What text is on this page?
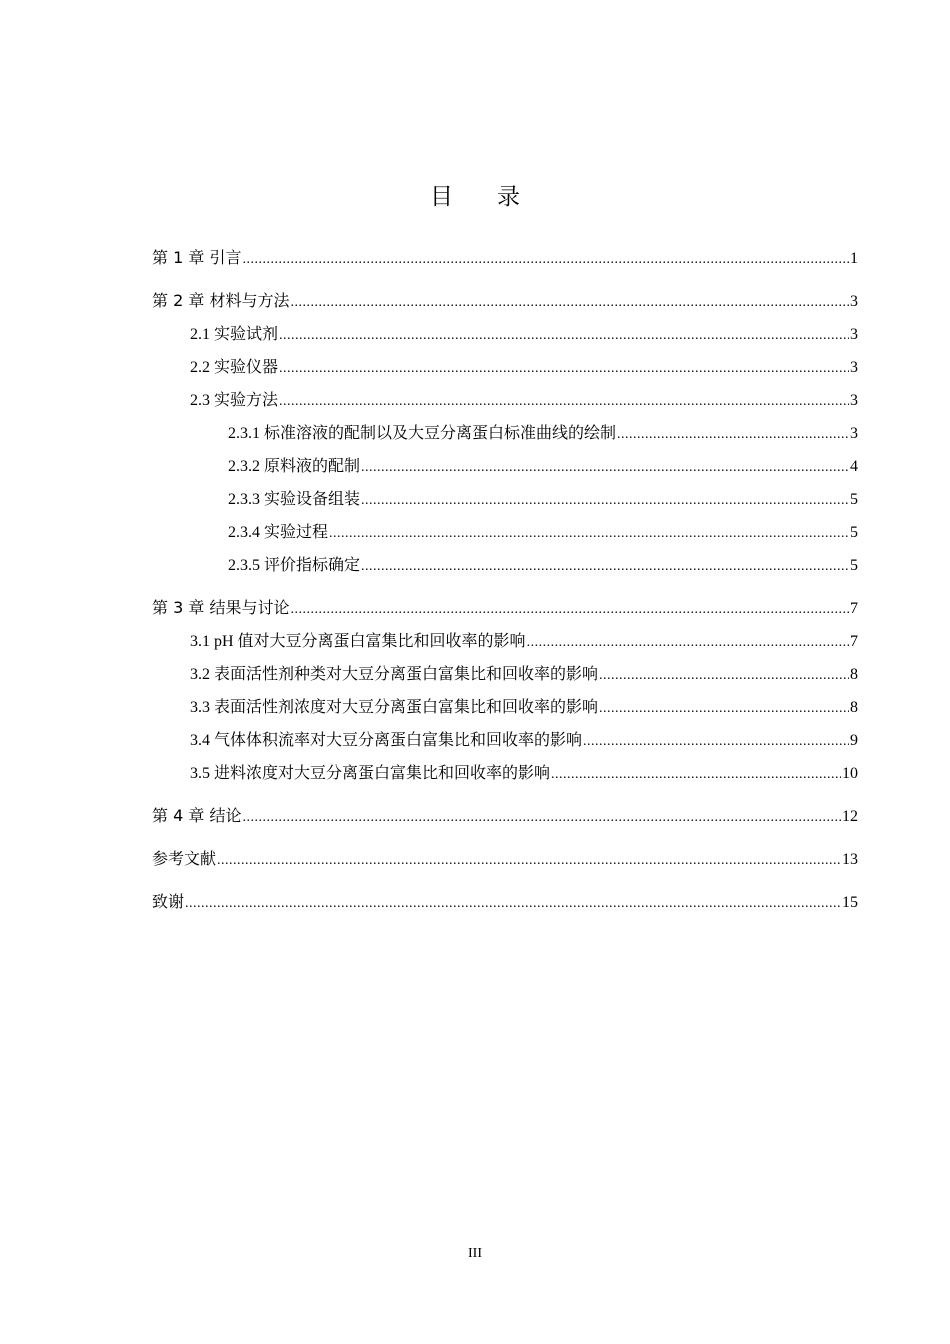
目 录
第 1 章 引言 .....	1
第 2 章 材料与方法 .....	3
2.1 实验试剂 .....	3
2.2 实验仪器 .....	3
2.3 实验方法 .....	3
2.3.1 标准溶液的配制以及大豆分离蛋白标准曲线的绘制 .....	3
2.3.2 原料液的配制 .....	4
2.3.3 实验设备组装 .....	5
2.3.4 实验过程 .....	5
2.3.5 评价指标确定 .....	5
第 3 章 结果与讨论 .....	7
3.1 pH 值对大豆分离蛋白富集比和回收率的影响 .....	7
3.2 表面活性剂种类对大豆分离蛋白富集比和回收率的影响 .....	8
3.3 表面活性剂浓度对大豆分离蛋白富集比和回收率的影响 .....	8
3.4 气体体积流率对大豆分离蛋白富集比和回收率的影响 .....	9
3.5 进料浓度对大豆分离蛋白富集比和回收率的影响 .....	10
第 4 章 结论 .....	12
参考文献 .....	13
致谢 .....	15
III
